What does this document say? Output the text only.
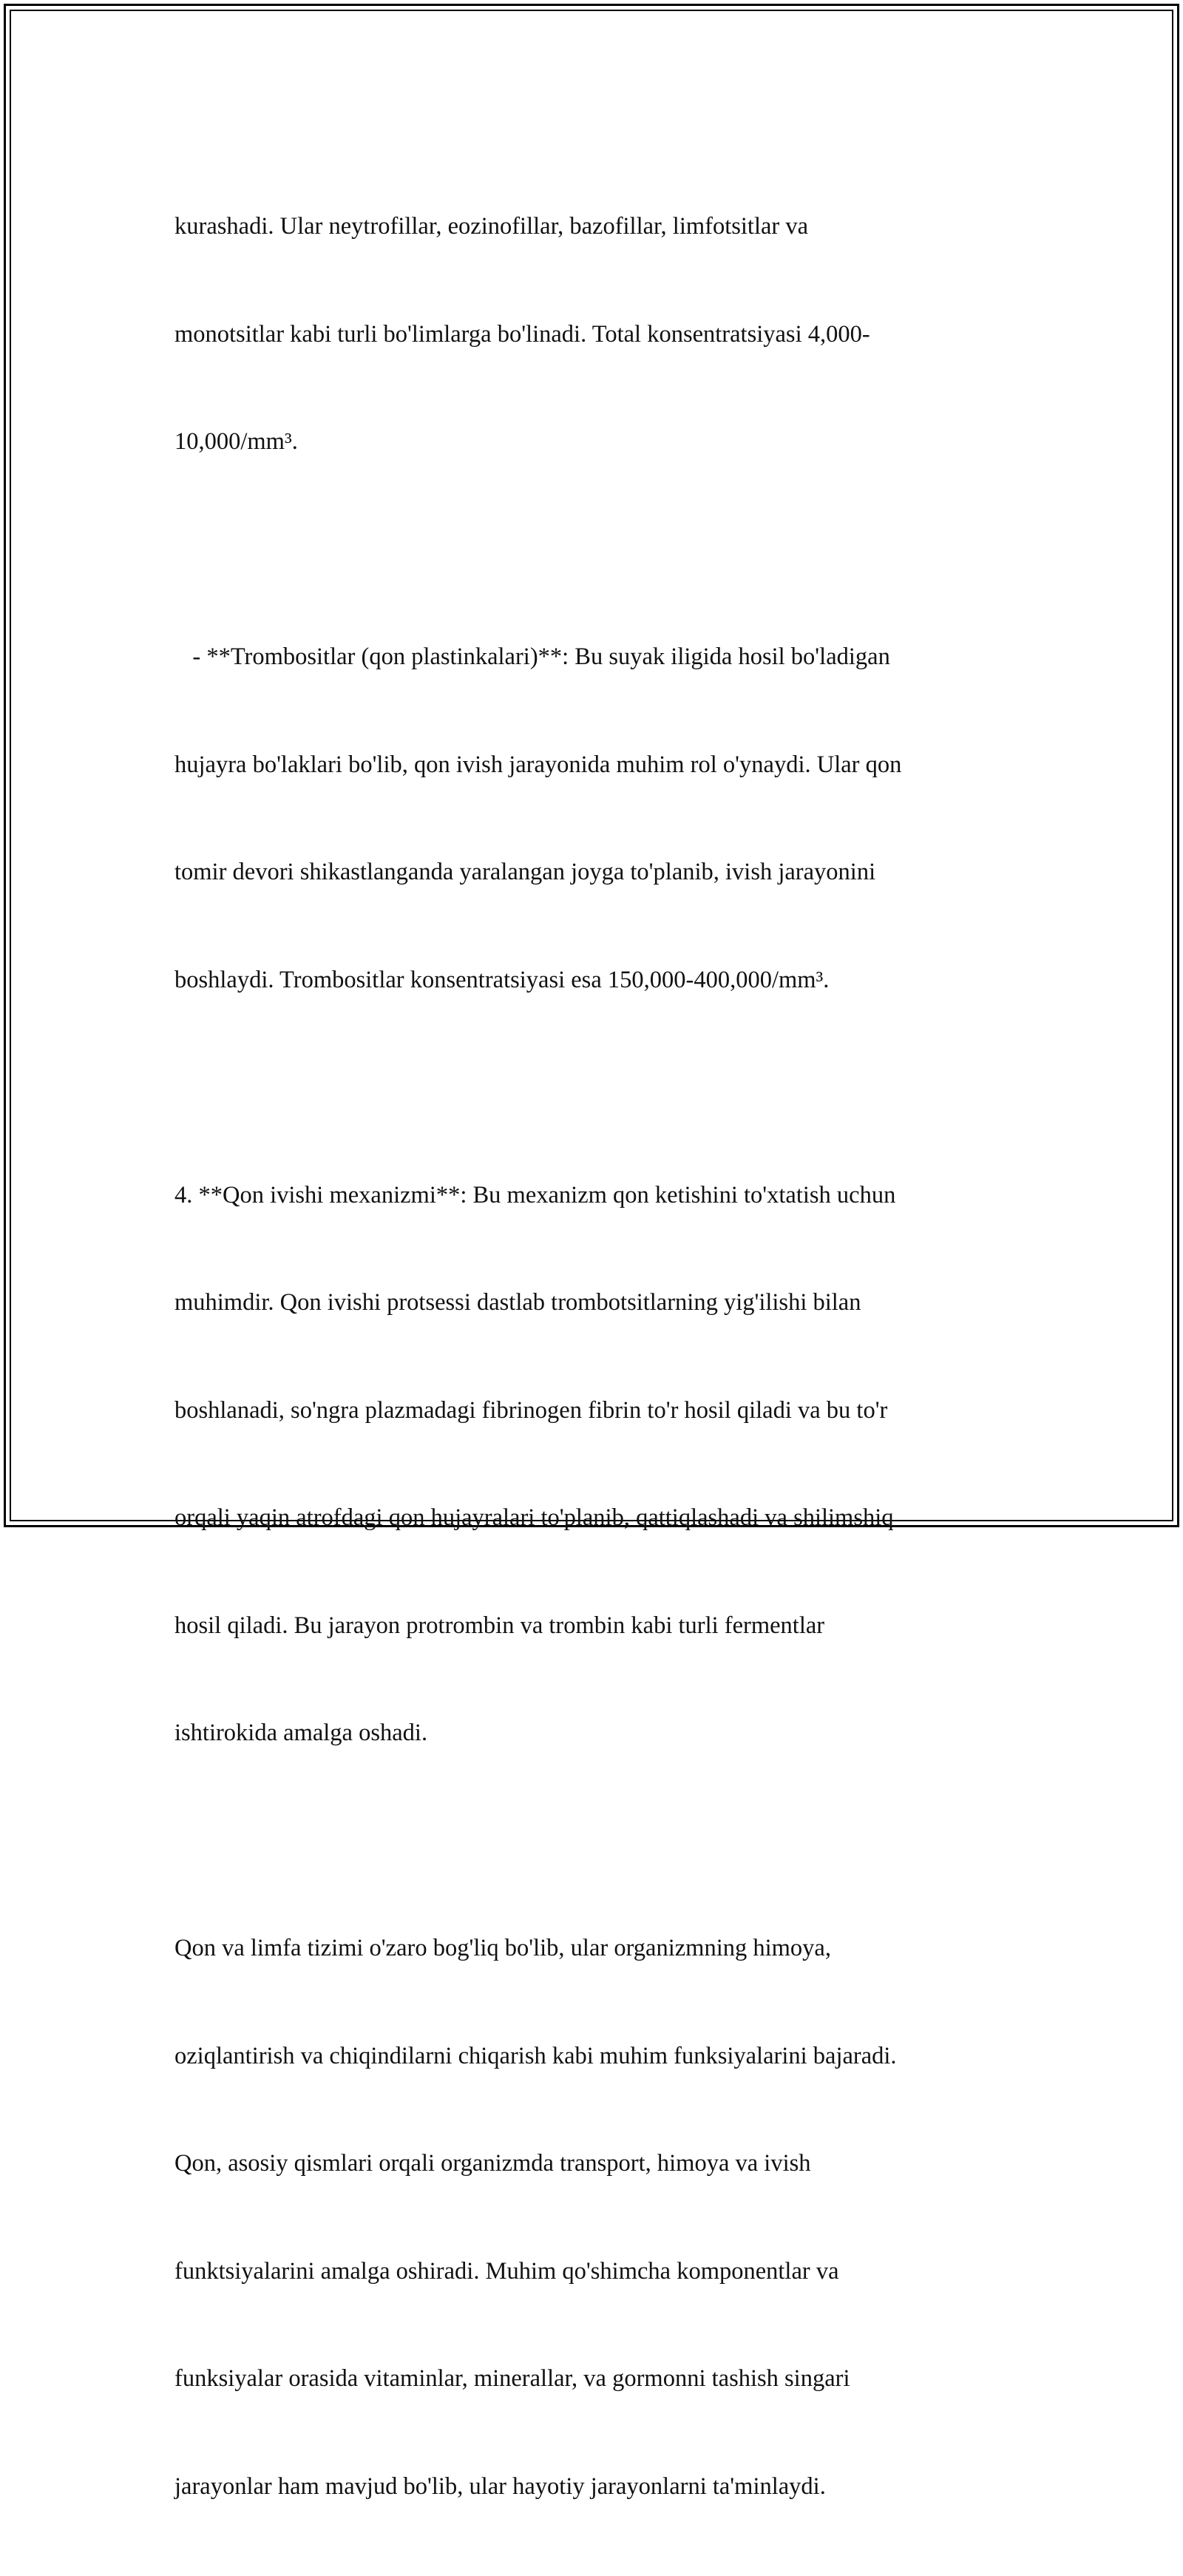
kurashadi. Ular neytrofillar, eozinofillar, bazofillar, limfotsitlar va

monotsitlar kabi turli bo'limlarga bo'linadi. Total konsentratsiyasi 4,000-

10,000/mm³.

- **Trombositlar (qon plastinkalari)**: Bu suyak iligida hosil bo'ladigan

hujayra bo'laklari bo'lib, qon ivish jarayonida muhim rol o'ynaydi. Ular qon

tomir devori shikastlanganda yaralangan joyga to'planib, ivish jarayonini

boshlaydi. Trombositlar konsentratsiyasi esa 150,000-400,000/mm³.

4. **Qon ivishi mexanizmi**: Bu mexanizm qon ketishini to'xtatish uchun

muhimdir. Qon ivishi protsessi dastlab trombotsitlarning yig'ilishi bilan

boshlanadi, so'ngra plazmadagi fibrinogen fibrin to'r hosil qiladi va bu to'r

orqali yaqin atrofdagi qon hujayralari to'planib, qattiqlashadi va shilimshiq

hosil qiladi. Bu jarayon protrombin va trombin kabi turli fermentlar

ishtirokida amalga oshadi.

Qon va limfa tizimi o'zaro bog'liq bo'lib, ular organizmning himoya,

oziqlantirish va chiqindilarni chiqarish kabi muhim funksiyalarini bajaradi.

Qon, asosiy qismlari orqali organizmda transport, himoya va ivish

funktsiyalarini amalga oshiradi. Muhim qo'shimcha komponentlar va

funksiyalar orasida vitaminlar, minerallar, va gormonni tashish singari

jarayonlar ham mavjud bo'lib, ular hayotiy jarayonlarni ta'minlaydi.
